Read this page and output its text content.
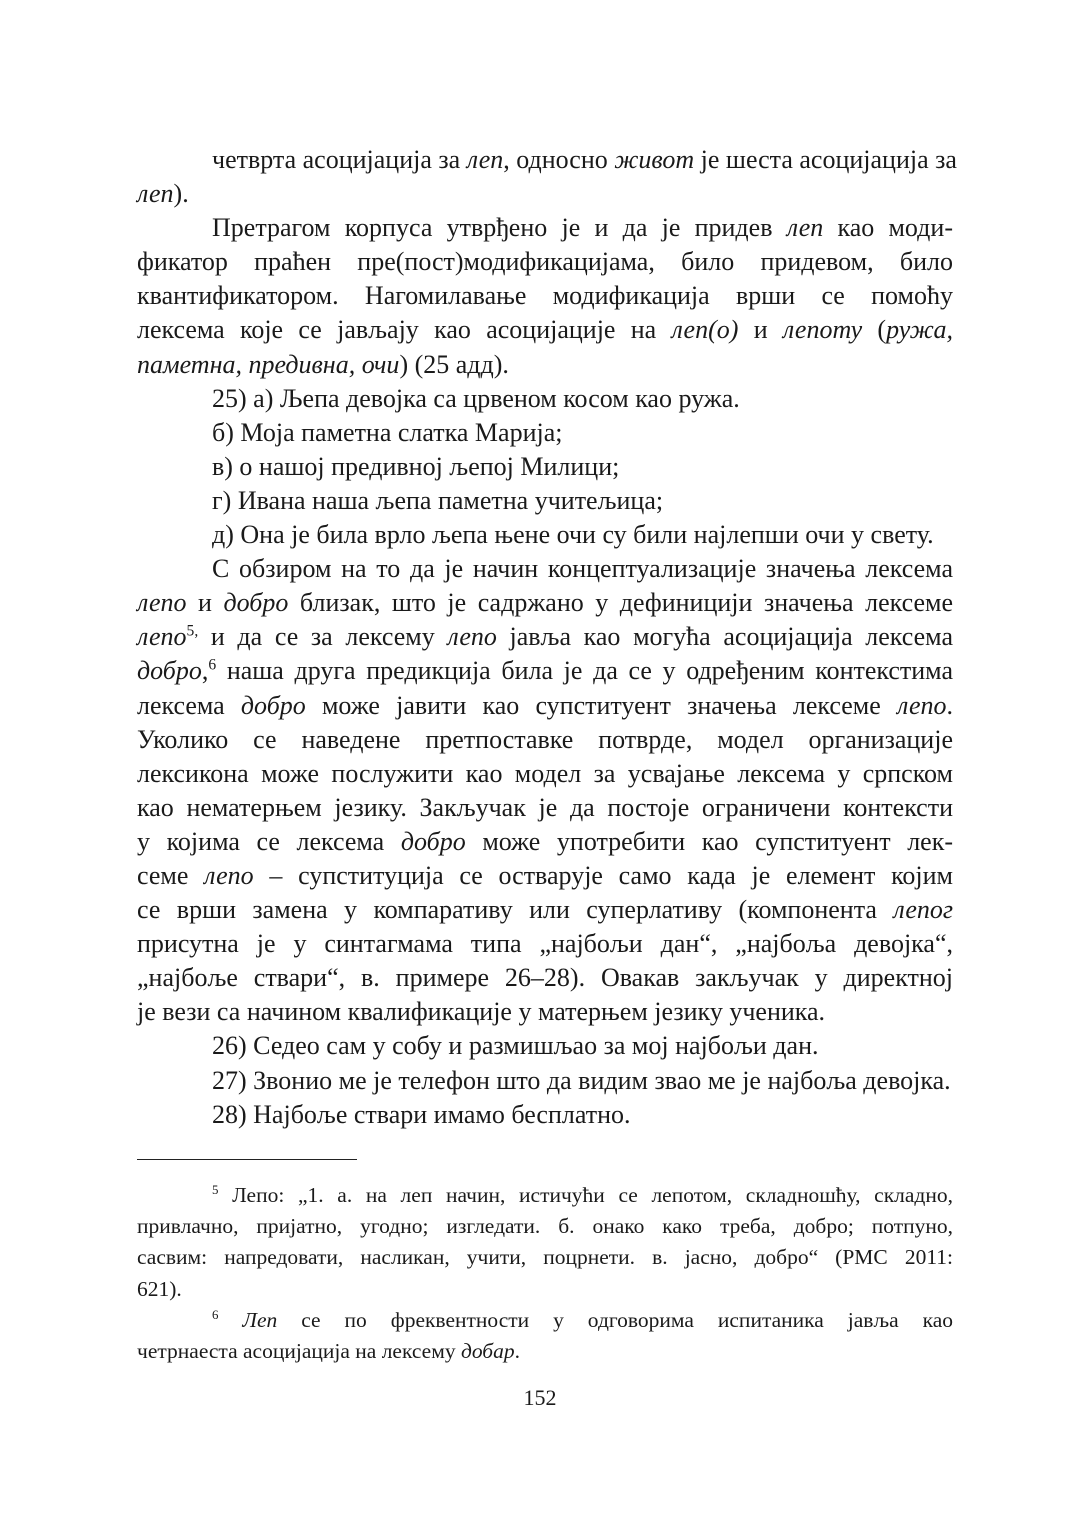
четврта асоцијација за леп, односно живот је шеста асоцијација за
леп).
Претрагом корпуса утврђено је и да је придев леп као моди-
фикатор праћен пре(пост)модификацијама, било придевом, било
квантификатором. Нагомилавање модификација врши се помоћу
лексема које се јављају као асоцијације на леп(о) и лепоту (ружа,
паметна, предивна, очи) (25 адд).
25) а) Љепа девојка са црвеном косом као ружа.
б) Моја паметна слатка Марија;
в) о нашој предивној љепој Милици;
г) Ивана наша љепа паметна учитељица;
д) Она је била врло љепа њене очи су били најлепши очи у свету.
С обзиром на то да је начин концептуализације значења лексема
лепо и добро близак, што је садржано у дефиницији значења лексеме
лепо$^{5,}$ и да се за лексему лепо јавља као могућа асоцијација лексема
добро,$^6$ наша друга предикција била је да се у одређеним контекстима
лексема добро може јавити као супституент значења лексеме лепо.
Уколико се наведене претпоставке потврде, модел организације
лексикона може послужити као модел за усвајање лексема у српском
као нематерњем језику. Закључак је да постоје ограничени контексти
у којима се лексема добро може употребити као супституент лек-
семе лепо – супституција се остварује само када је елемент којим
се врши замена у компаративу или суперлативу (компонента лепог
присутна је у синтагмама типа „најбољи дан“, „најбоља девојка“,
„најбоље ствари“, в. примере 26–28). Овакав закључак у директној
је вези са начином квалификације у матерњем језику ученика.
26) Седео сам у собу и размишљао за мој најбољи дан.
27) Звонио ме је телефон што да видим звао ме је најбоља девојка.
28) Најбоље ствари имамо бесплатно.
$^5$ Лепо: „1. а. на леп начин, истичући се лепотом, складношћу, складно,
привлачно, пријатно, угодно; изгледати. б. онако како треба, добро; потпуно,
сасвим: напредовати, насликан, учити, поцрнети. в. јасно, добро“ (РМС 2011:
621).
$^6$ Леп се по фреквентности у одговорима испитаника јавља као
четрнаеста асоцијација на лексему добар.
152
